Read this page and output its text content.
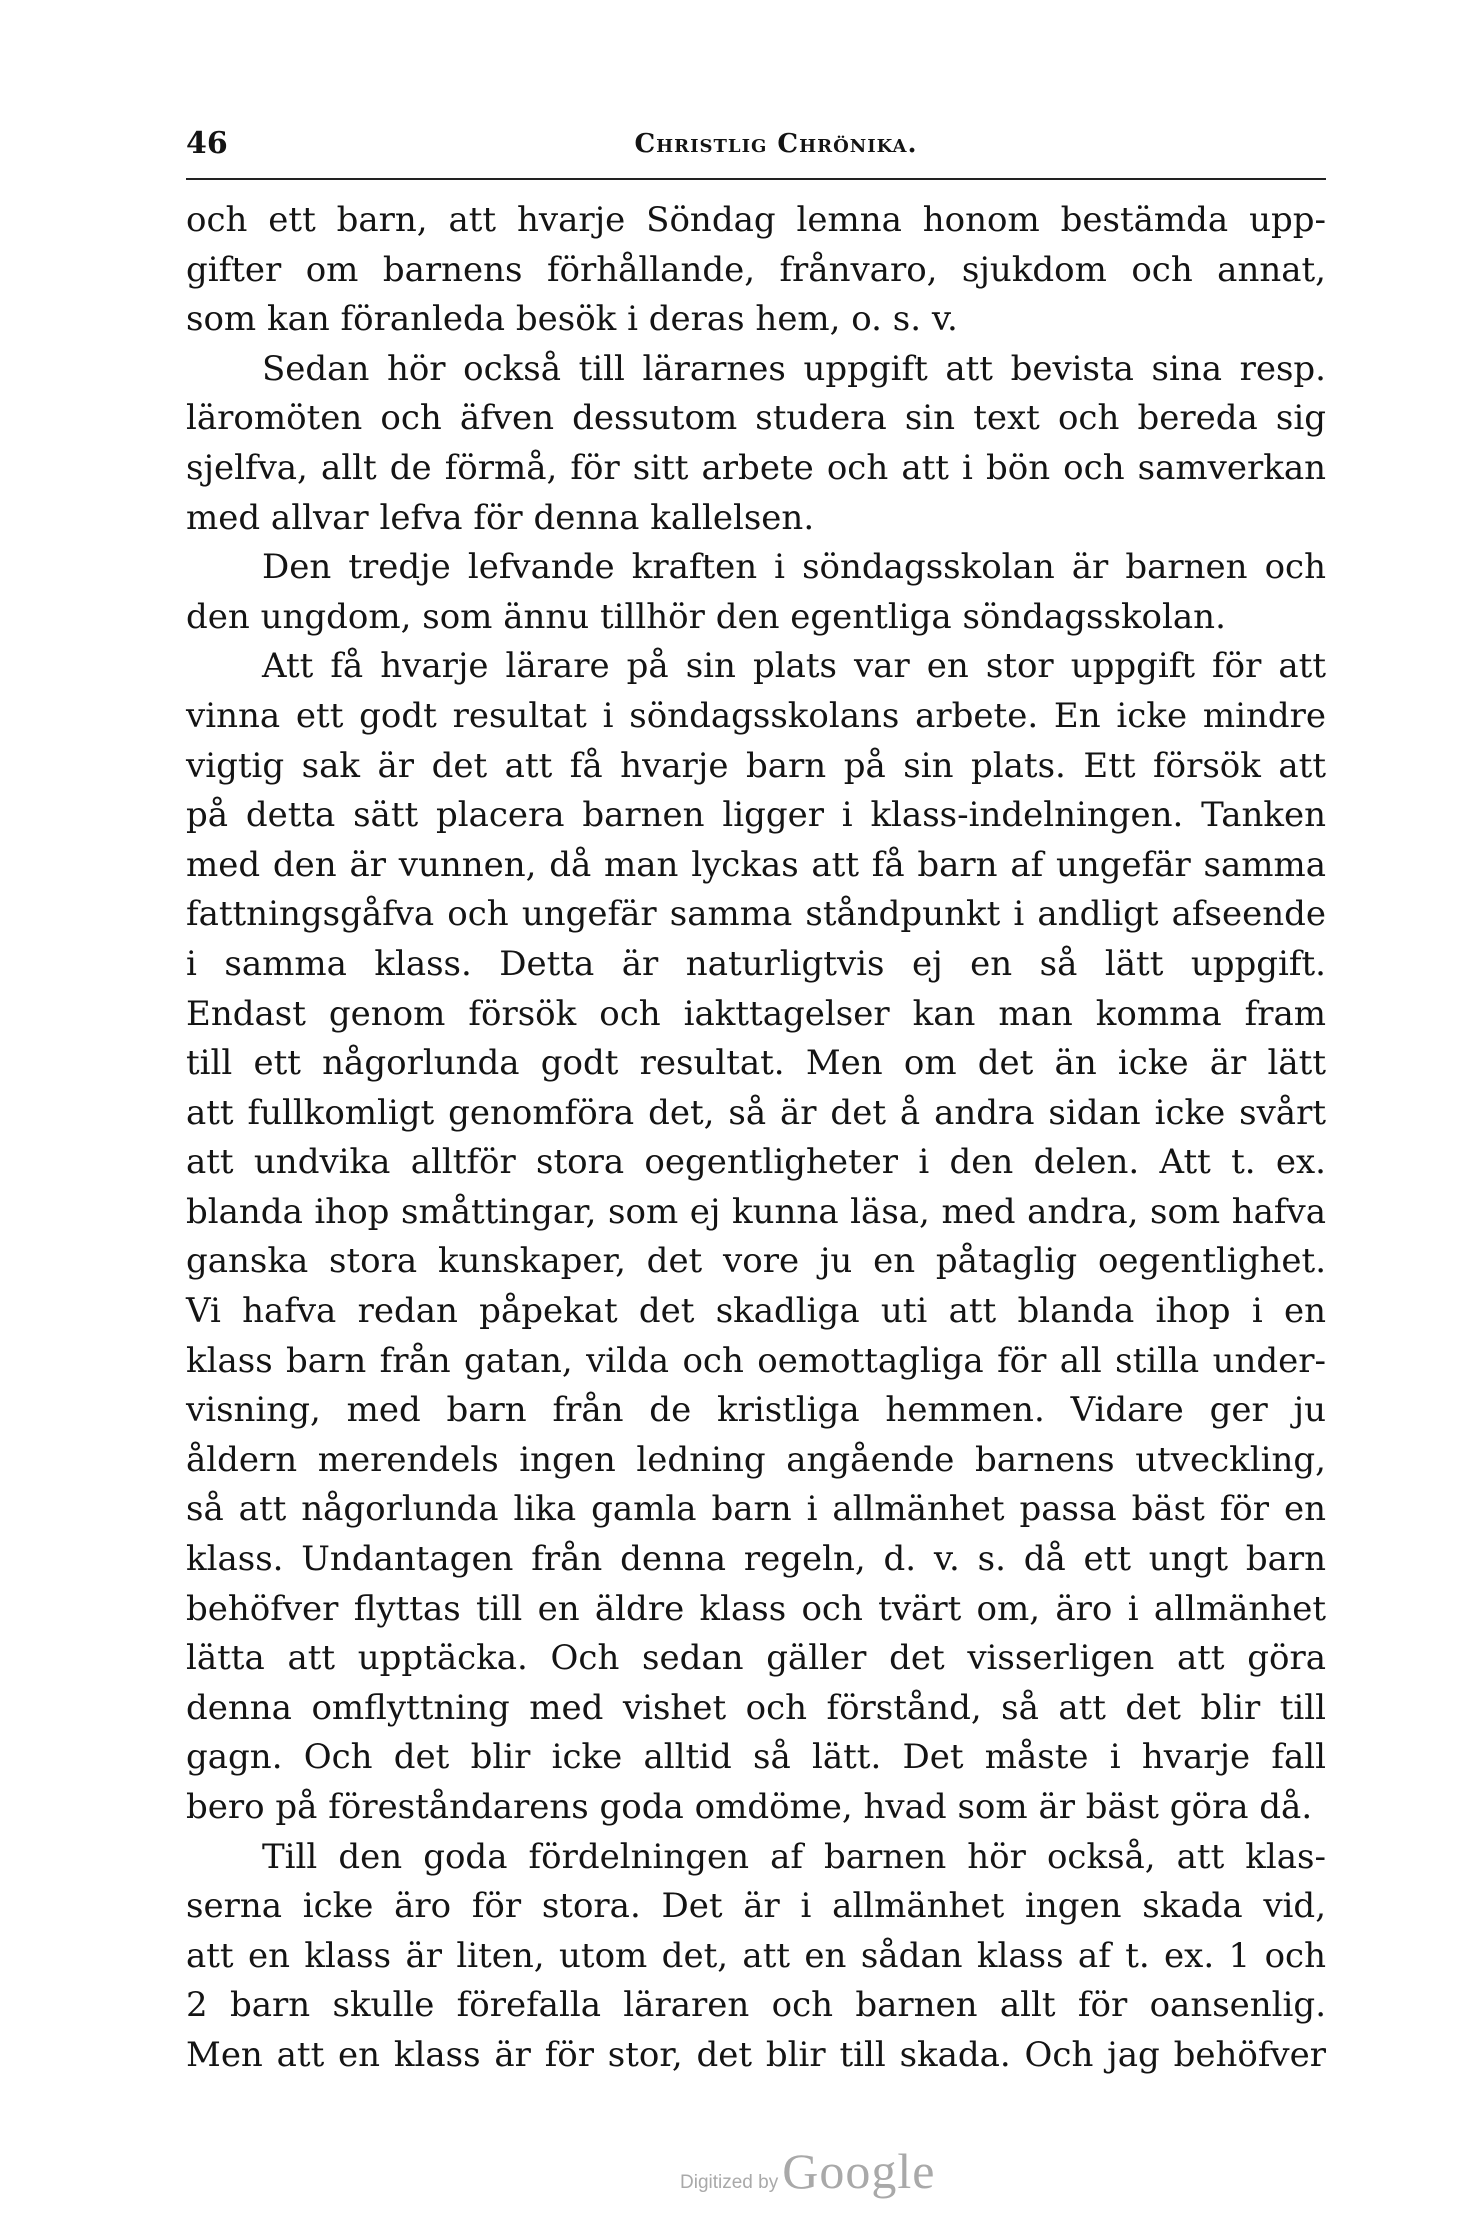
46	Christlig Chrönika.
och ett barn, att hvarje Söndag lemna honom bestämda upp-
gifter om barnens förhållande, frånvaro, sjukdom och annat,
som kan föranleda besök i deras hem, o. s. v.
Sedan hör också till lärarnes uppgift att bevista sina resp.
läromöten och äfven dessutom studera sin text och bereda sig
sjelfva, allt de förmå, för sitt arbete och att i bön och samverkan
med allvar lefva för denna kallelsen.
Den tredje lefvande kraften i söndagsskolan är barnen och
den ungdom, som ännu tillhör den egentliga söndagsskolan.
Att få hvarje lärare på sin plats var en stor uppgift för att
vinna ett godt resultat i söndagsskolans arbete. En icke mindre
vigtig sak är det att få hvarje barn på sin plats. Ett försök att
på detta sätt placera barnen ligger i klass-indelningen. Tanken
med den är vunnen, då man lyckas att få barn af ungefär samma
fattningsgåfva och ungefär samma ståndpunkt i andligt afseende
i samma klass. Detta är naturligtvis ej en så lätt uppgift.
Endast genom försök och iakttagelser kan man komma fram
till ett någorlunda godt resultat. Men om det än icke är lätt
att fullkomligt genomföra det, så är det å andra sidan icke svårt
att undvika alltför stora oegentligheter i den delen. Att t. ex.
blanda ihop småttingar, som ej kunna läsa, med andra, som hafva
ganska stora kunskaper, det vore ju en påtaglig oegentlighet.
Vi hafva redan påpekat det skadliga uti att blanda ihop i en
klass barn från gatan, vilda och oemottagliga för all stilla under-
visning, med barn från de kristliga hemmen. Vidare ger ju
åldern merendels ingen ledning angående barnens utveckling,
så att någorlunda lika gamla barn i allmänhet passa bäst för en
klass. Undantagen från denna regeln, d. v. s. då ett ungt barn
behöfver flyttas till en äldre klass och tvärt om, äro i allmänhet
lätta att upptäcka. Och sedan gäller det visserligen att göra
denna omflyttning med vishet och förstånd, så att det blir till
gagn. Och det blir icke alltid så lätt. Det måste i hvarje fall
bero på föreståndarens goda omdöme, hvad som är bäst göra då.
Till den goda fördelningen af barnen hör också, att klas-
serna icke äro för stora. Det är i allmänhet ingen skada vid,
att en klass är liten, utom det, att en sådan klass af t. ex. 1 och
2 barn skulle förefalla läraren och barnen allt för oansenlig.
Men att en klass är för stor, det blir till skada. Och jag behöfver
Digitized byGoogle
